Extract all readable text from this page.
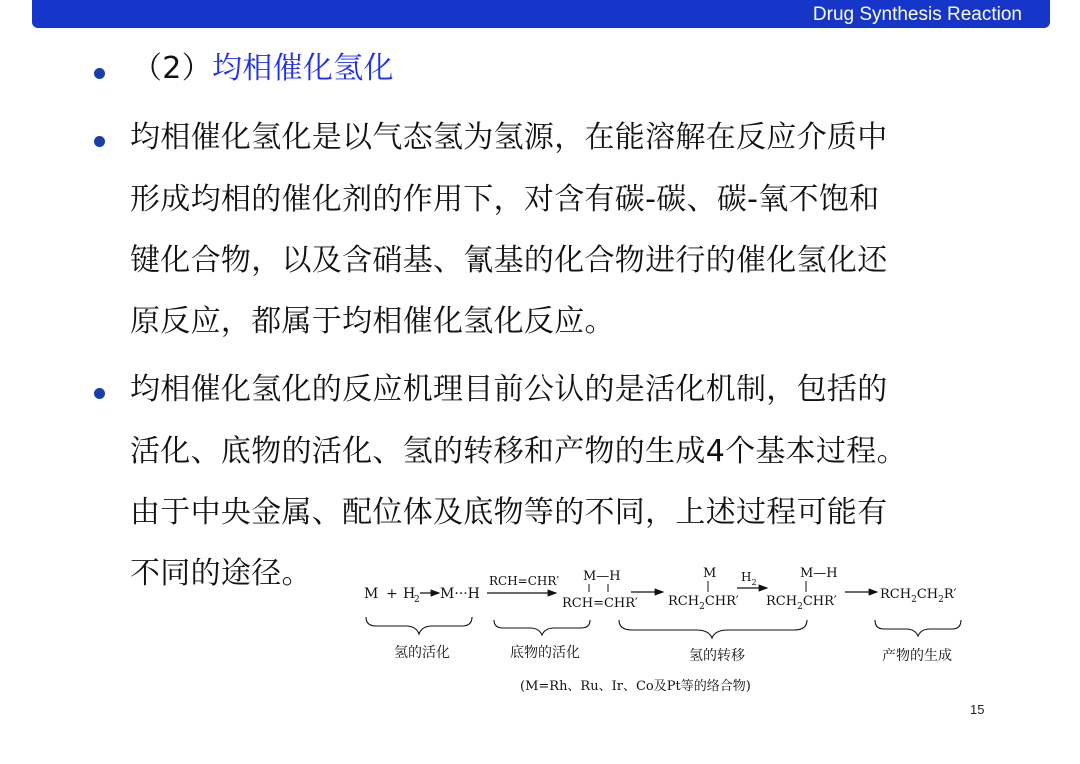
Drug Synthesis Reaction
（2）均相催化氢化
均相催化氢化是以气态氢为氢源，在能溶解在反应介质中
形成均相的催化剂的作用下，对含有碳-碳、碳-氧不饱和
键化合物，以及含硝基、氰基的化合物进行的催化氢化还
原反应，都属于均相催化氢化反应。
均相催化氢化的反应机理目前公认的是活化机制，包括的
活化、底物的活化、氢的转移和产物的生成4个基本过程。
由于中央金属、配位体及底物等的不同，上述过程可能有
不同的途径。
M + H
2 M···H
RCH=CHR′ M—H
RCH=CHR′
M
$RCH_2CHR'$
$H_2$
M—H
$RCH_2CHR'$	$RCH_2CH_2R'$
氢的活化	底物的活化	氢的转移	产物的生成
(M=Rh、Ru、Ir、Co及Pt等的络合物)
15
